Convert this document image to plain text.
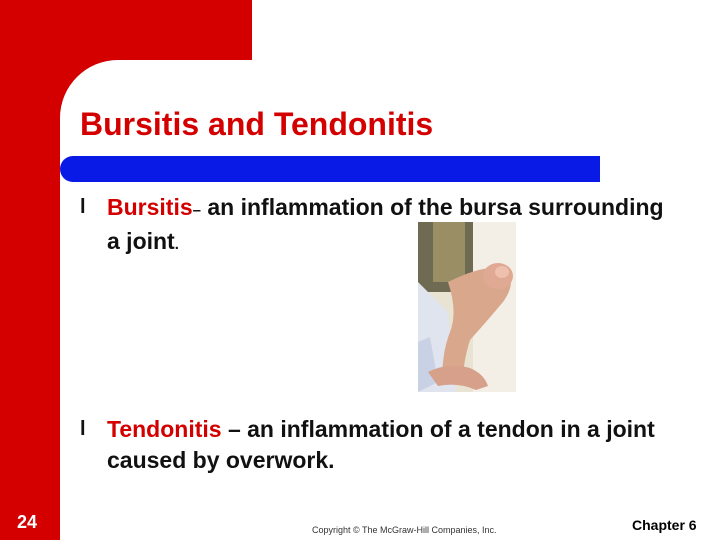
Bursitis and Tendonitis
l Bursitis– an inflammation of the bursa surrounding a joint.
l Tendonitis – an inflammation of a tendon in a joint caused by overwork.
24	Copyright © The McGraw-Hill Companies, Inc.	Chapter 6
